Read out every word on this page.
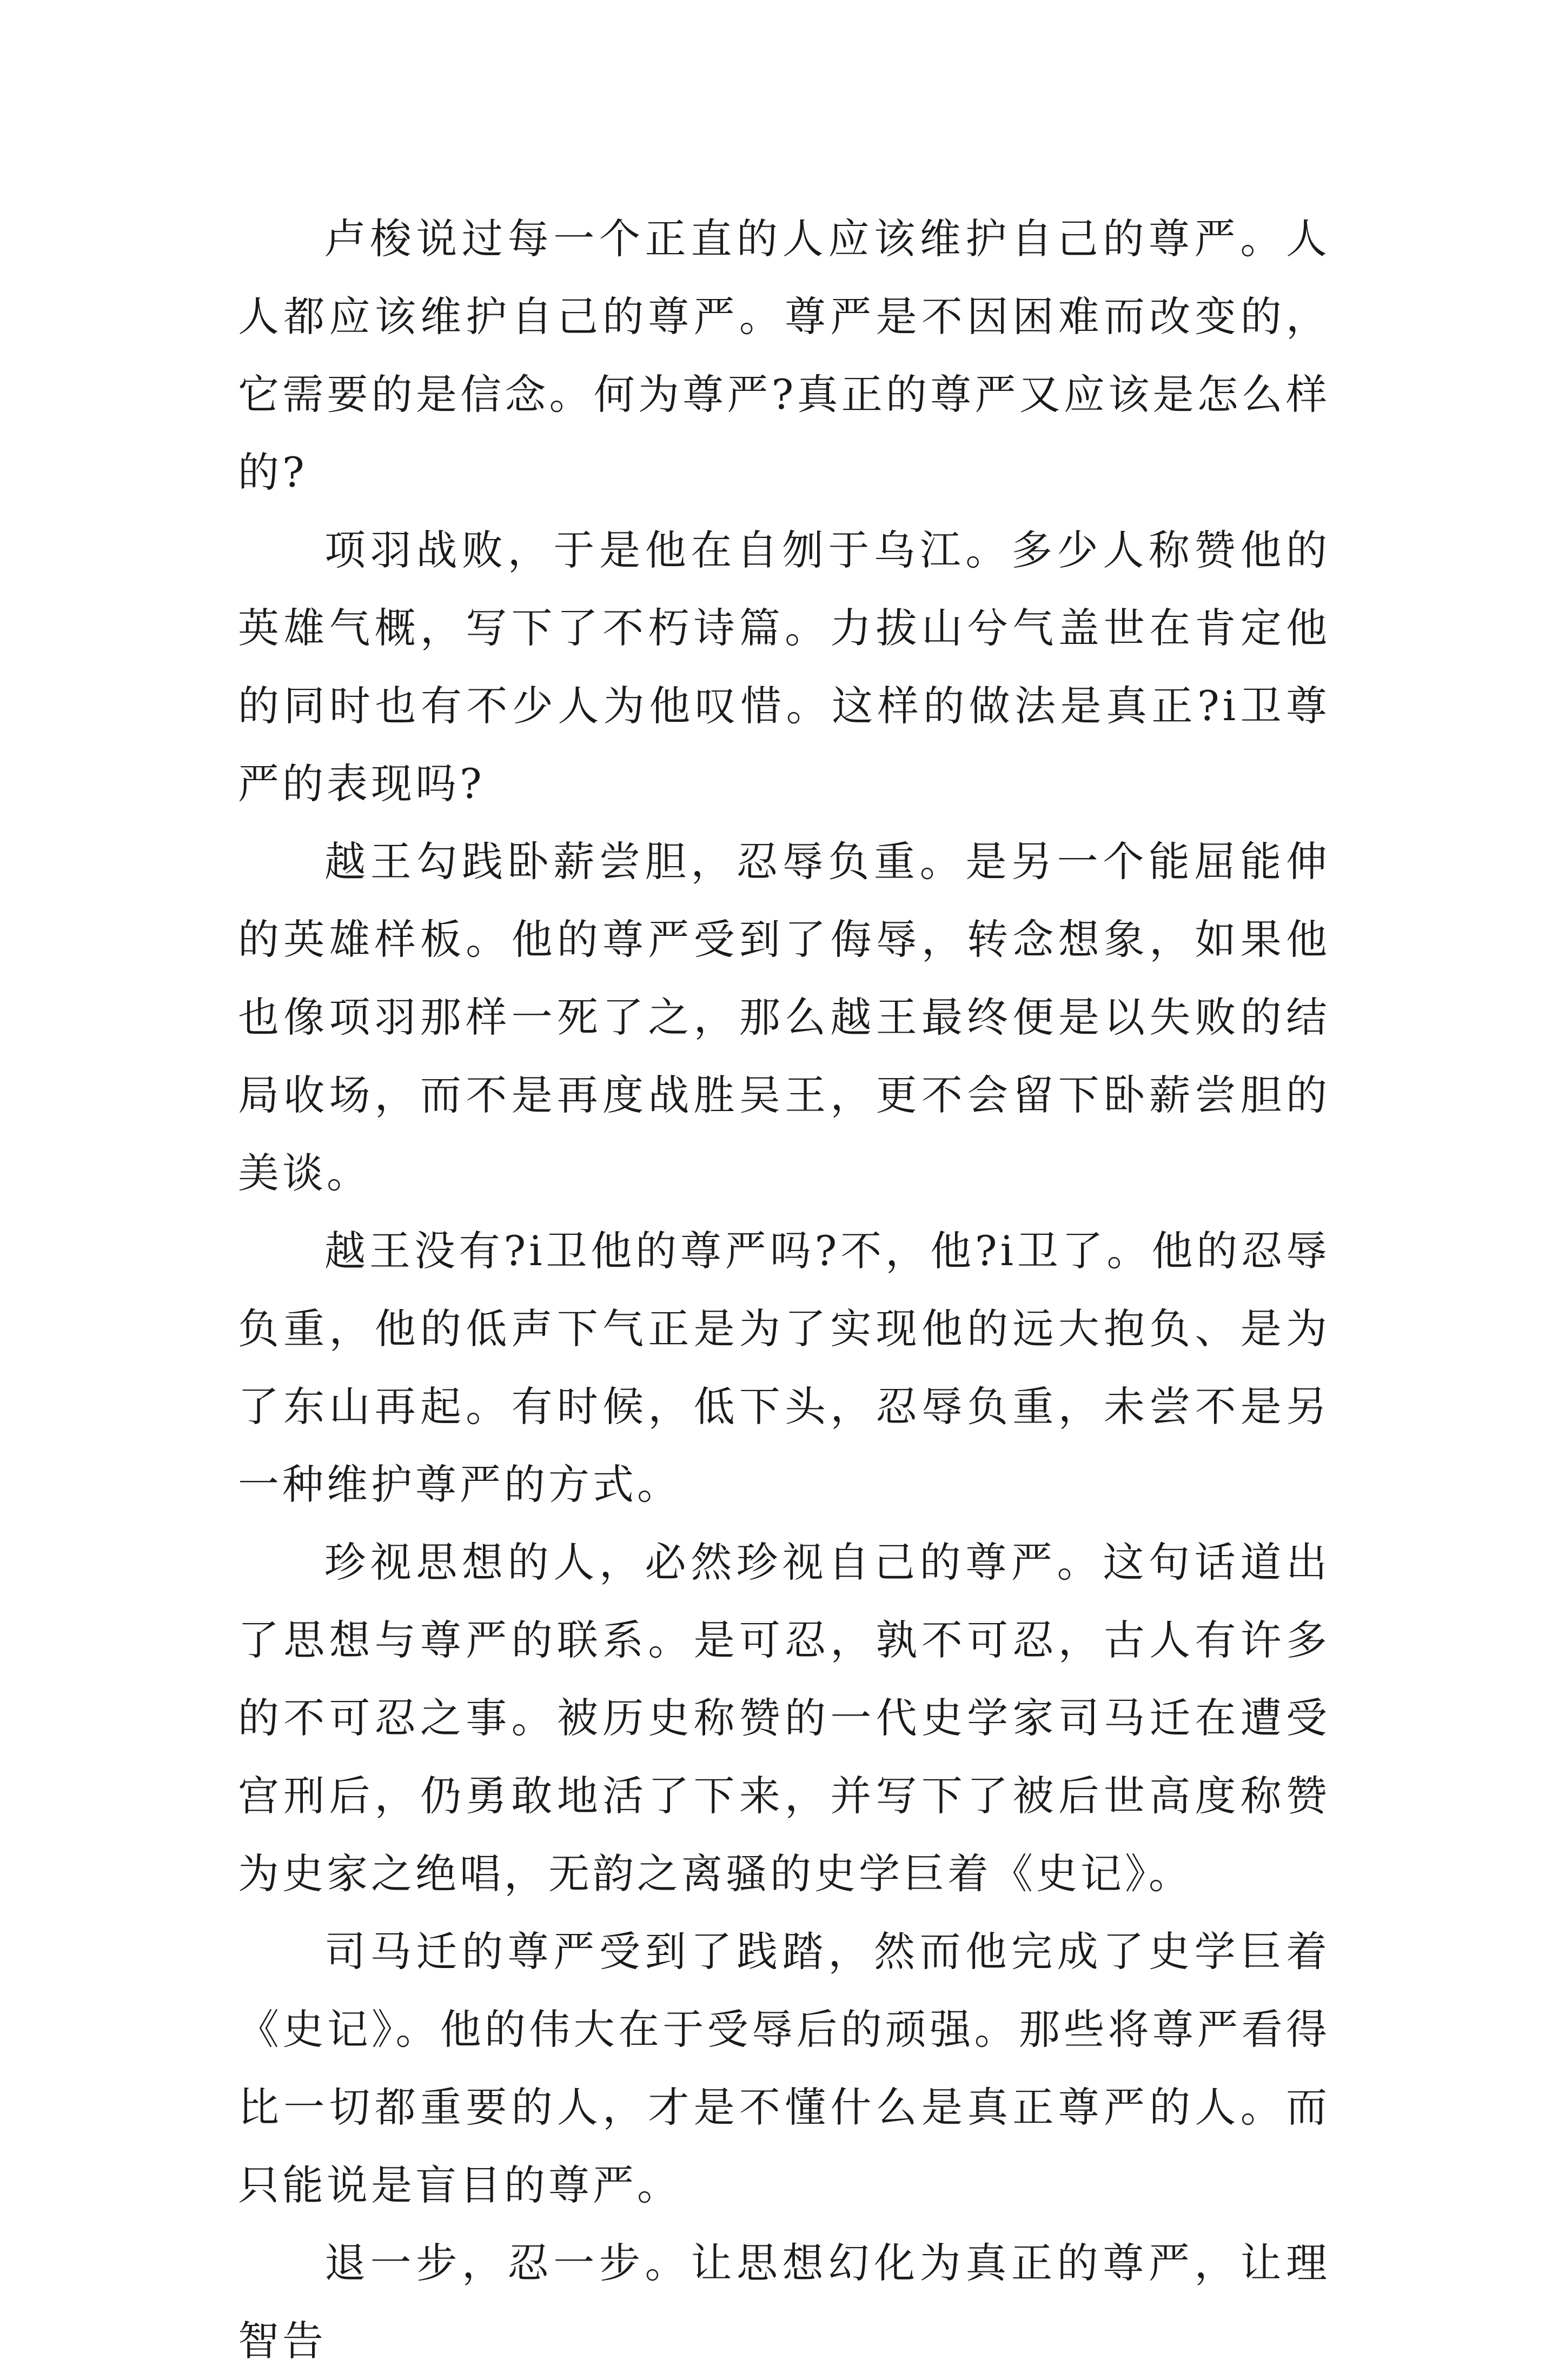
卢梭说过每一个正直的人应该维护自己的尊严。人人都应该维护自己的尊严。尊严是不因困难而改变的，它需要的是信念。何为尊严?真正的尊严又应该是怎么样的?

项羽战败，于是他在自刎于乌江。多少人称赞他的英雄气概，写下了不朽诗篇。力拔山兮气盖世在肯定他的同时也有不少人为他叹惜。这样的做法是真正?i卫尊严的表现吗?

越王勾践卧薪尝胆，忍辱负重。是另一个能屈能伸的英雄样板。他的尊严受到了侮辱，转念想象，如果他也像项羽那样一死了之，那么越王最终便是以失败的结局收场，而不是再度战胜吴王，更不会留下卧薪尝胆的美谈。

越王没有?i卫他的尊严吗?不，他?i卫了。他的忍辱负重，他的低声下气正是为了实现他的远大抱负、是为了东山再起。有时候，低下头，忍辱负重，未尝不是另一种维护尊严的方式。

珍视思想的人，必然珍视自己的尊严。这句话道出了思想与尊严的联系。是可忍，孰不可忍，古人有许多的不可忍之事。被历史称赞的一代史学家司马迁在遭受宫刑后，仍勇敢地活了下来，并写下了被后世高度称赞为史家之绝唱，无韵之离骚的史学巨着《史记》。

司马迁的尊严受到了践踏，然而他完成了史学巨着《史记》。他的伟大在于受辱后的顽强。那些将尊严看得比一切都重要的人，才是不懂什么是真正尊严的人。而只能说是盲目的尊严。

退一步，忍一步。让思想幻化为真正的尊严，让理智告
